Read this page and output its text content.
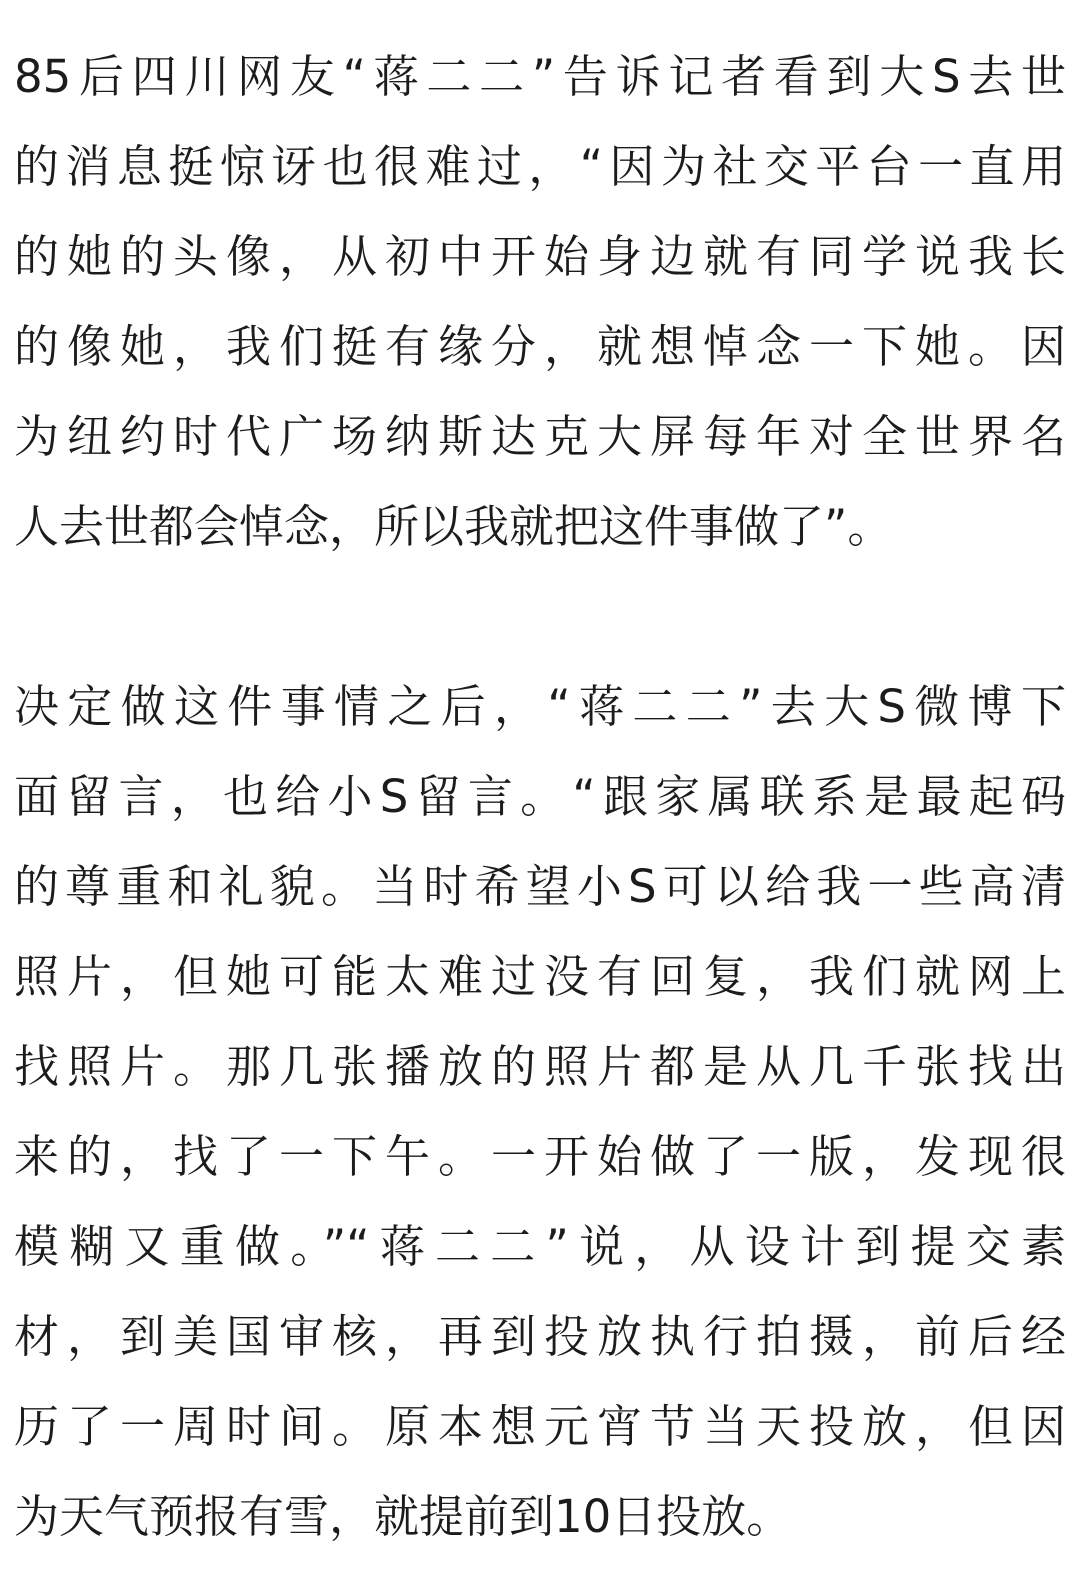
85后四川网友“蒋二二”告诉记者看到大S去世
的消息挺惊讶也很难过，“因为社交平台一直用
的她的头像，从初中开始身边就有同学说我长
的像她，我们挺有缘分，就想悼念一下她。因
为纽约时代广场纳斯达克大屏每年对全世界名
人去世都会悼念，所以我就把这件事做了”。
决定做这件事情之后，“蒋二二”去大S微博下
面留言，也给小S留言。“跟家属联系是最起码
的尊重和礼貌。当时希望小S可以给我一些高清
照片，但她可能太难过没有回复，我们就网上
找照片。那几张播放的照片都是从几千张找出
来的，找了一下午。一开始做了一版，发现很
模糊又重做。”“蒋二二”说，从设计到提交素
材，到美国审核，再到投放执行拍摄，前后经
历了一周时间。原本想元宵节当天投放，但因
为天气预报有雪，就提前到10日投放。
